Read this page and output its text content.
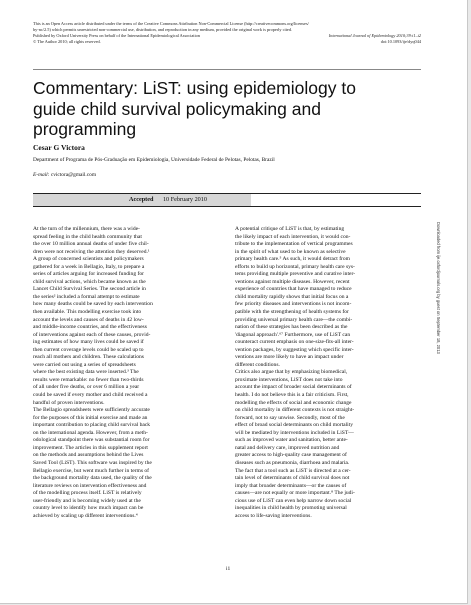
This is an Open Access article distributed under the terms of the Creative Commons Attribution Non-Commercial License (http://creativecommons.org/licenses/
by-nc/2.5) which permits unrestricted non-commercial use, distribution, and reproduction in any medium, provided the original work is properly cited.
Published by Oxford University Press on behalf of the International Epidemiological Association	International Journal of Epidemiology 2010;39:i1–i2
© The Author 2010; all rights reserved.	doi:10.1093/ije/dyq044
Commentary: LiST: using epidemiology to
guide child survival policymaking and
programming
Cesar G Victora
Department of Programa de Pós-Graduação em Epidemiologia, Universidade Federal de Pelotas, Pelotas, Brazil
E-mail: cvictora@gmail.com
Accepted 10 February 2010
At the turn of the millennium, there was a wide-
spread feeling in the child health community that
the over 10 million annual deaths of under five chil-
dren were not receiving the attention they deserved.¹
A group of concerned scientists and policymakers
gathered for a week in Bellagio, Italy, to prepare a
series of articles arguing for increased funding for
child survival actions, which became known as the
Lancet Child Survival Series. The second article in
the series² included a formal attempt to estimate
how many deaths could be saved by each intervention
then available. This modelling exercise took into
account the levels and causes of deaths in 42 low-
and middle-income countries, and the effectiveness
of interventions against each of these causes, provid-
ing estimates of how many lives could be saved if
then current coverage levels could be scaled up to
reach all mothers and children. These calculations
were carried out using a series of spreadsheets
where the best existing data were inserted.³ The
results were remarkable: no fewer than two-thirds
of all under five deaths, or over 6 million a year
could be saved if every mother and child received a
handful of proven interventions.
The Bellagio spreadsheets were sufficiently accurate
for the purposes of this initial exercise and made an
important contribution to placing child survival back
on the international agenda. However, from a meth-
odological standpoint there was substantial room for
improvement. The articles in this supplement report
on the methods and assumptions behind the Lives
Saved Tool (LiST). This software was inspired by the
Bellagio exercise, but went much further in terms of
the background mortality data used, the quality of the
literature reviews on intervention effectiveness and
of the modelling process itself. LiST is relatively
user-friendly and is becoming widely used at the
country level to identify how much impact can be
achieved by scaling up different interventions.⁴
A potential critique of LiST is that, by estimating
the likely impact of each intervention, it would con-
tribute to the implementation of vertical programmes
in the spirit of what used to be known as selective
primary health care.⁵ As such, it would detract from
efforts to build up horizontal, primary health care sys-
tems providing multiple preventive and curative inter-
ventions against multiple diseases. However, recent
experience of countries that have managed to reduce
child mortality rapidly shows that initial focus on a
few priority diseases and interventions is not incom-
patible with the strengthening of health systems for
providing universal primary health care—the combi-
nation of these strategies has been described as the
'diagonal approach'.⁶⁷ Furthermore, use of LiST can
counteract current emphasis on one-size-fits-all inter-
vention packages, by suggesting which specific inter-
ventions are more likely to have an impact under
different conditions.
Critics also argue that by emphasizing biomedical,
proximate interventions, LiST does not take into
account the impact of broader social determinants of
health. I do not believe this is a fair criticism. First,
modelling the effects of social and economic change
on child mortality in different contexts is not straight-
forward, not to say unwise. Secondly, most of the
effect of broad social determinants on child mortality
will be mediated by interventions included in LiST—
such as improved water and sanitation, better ante-
natal and delivery care, improved nutrition and
greater access to high-quality case management of
diseases such as pneumonia, diarrhoea and malaria.
The fact that a tool such as LiST is directed at a cer-
tain level of determinants of child survival does not
imply that broader determinants—or the causes of
causes—are not equally or more important.⁸ The judi-
cious use of LiST can even help narrow down social
inequalities in child health by promoting universal
access to life-saving interventions.
i1
Downloaded from ije.oxfordjournals.org by guest on September 18, 2013
